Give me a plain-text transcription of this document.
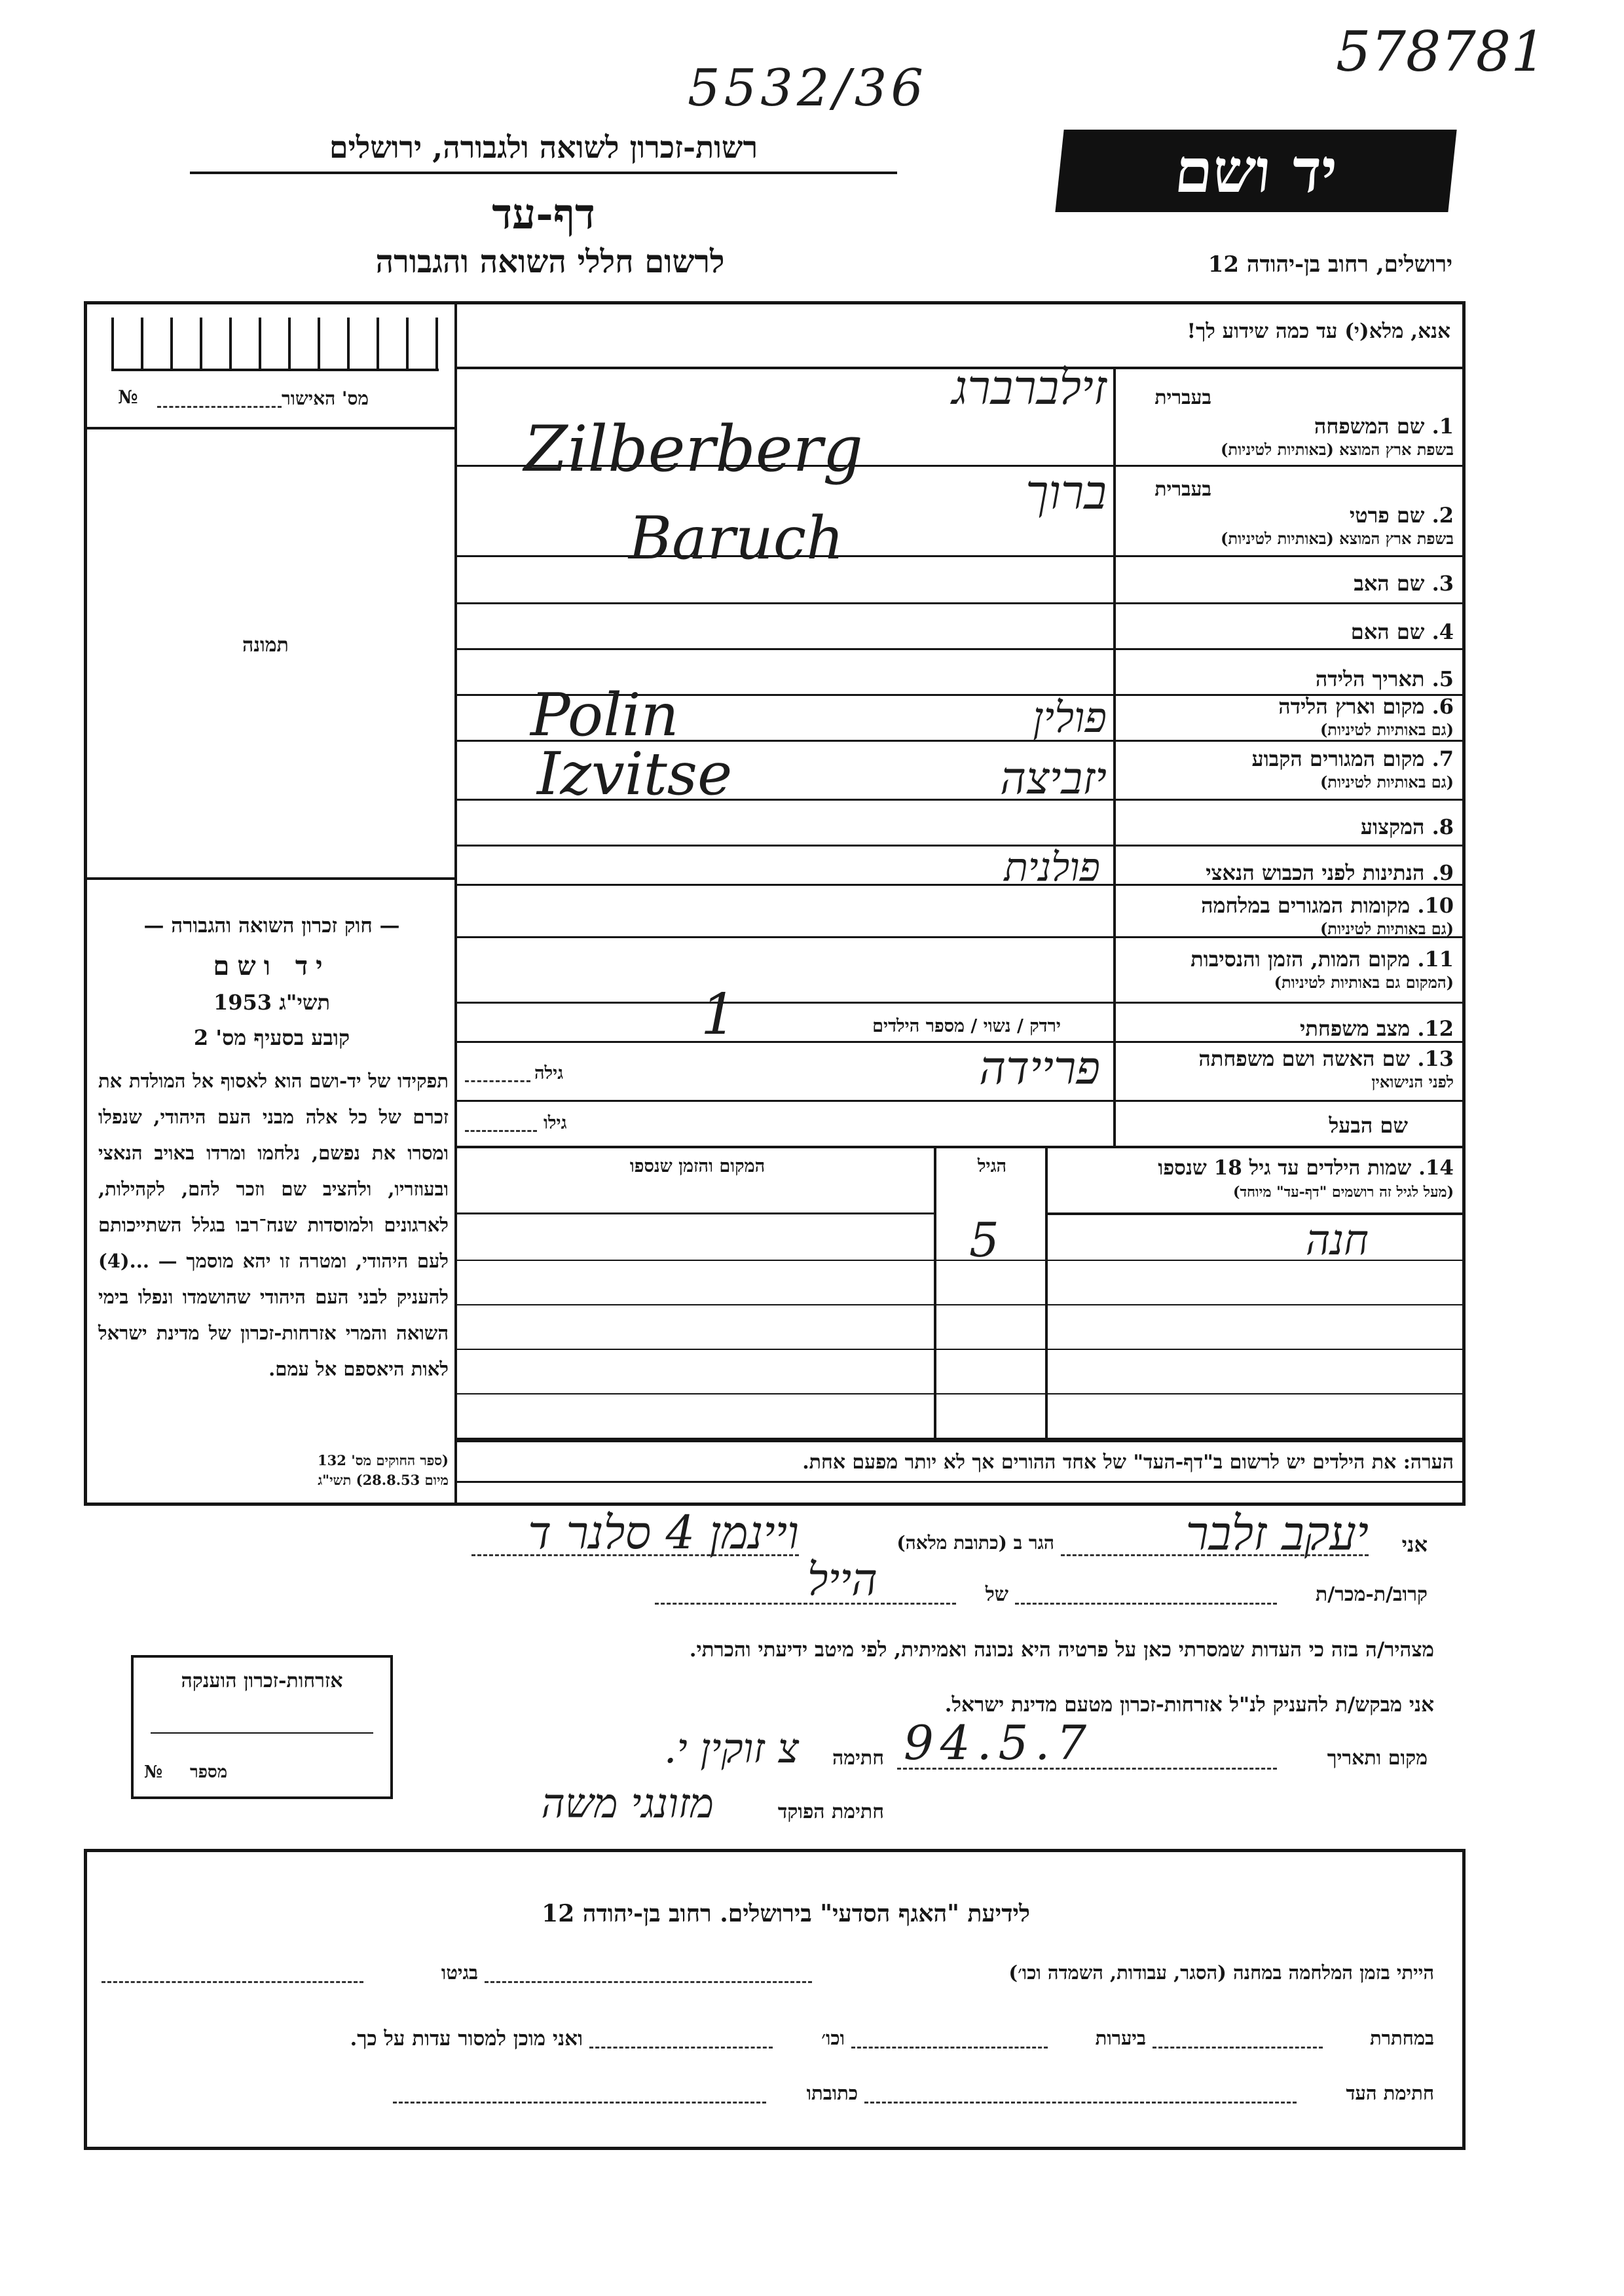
5532/36
578781
רשות-זכרון לשואה ולגבורה, ירושלים
דף-עד
לרשום חללי השואה והגבורה
יד ושם
ירושלים, רחוב בן-יהודה 12
מס' האישור
№
תמונה
— חוק זכרון השואה והגבורה —
יד ושם
תשי"ג 1953
קובע בסעיף מס' 2
תפקידו של יד-ושם הוא לאסוף אל המולדת את זכרם של כל אלה מבני העם היהודי, שנפלו ומסרו את נפשם, נלחמו ומרדו באויב הנאצי ובעוזריו, ולהציב שם וזכר להם, לקהילות, לארגונים ולמוסדות שנח־רבו בגלל השתייכותם לעם היהודי, ומטרה זו יהא מוסמך — ...(4) להעניק לבני העם היהודי שהושמדו ונפלו בימי השואה והמרי אזרחות-זכרון של מדינת ישראל לאות היאספם אל עמם.
(ספר החוקים מס' 132
מיום 28.8.53) תשי"ג
אנא, מלא(י) עד כמה שידוע לך!
בעברית
1. שם המשפחה
בשפת ארץ המוצא (באותיות לטיניות)
בעברית
2. שם פרטי
בשפת ארץ המוצא (באותיות לטיניות)
3. שם האב
4. שם האם
5. תאריך הלידה
6. מקום וארץ הלידה
(גם באותיות לטיניות)
7. מקום המגורים הקבוע
(גם באותיות לטיניות)
8. המקצוע
9. הנתינות לפני הכבוש הנאצי
10. מקומות המגורים במלחמה
(גם באותיות לטיניות)
11. מקום המות, הזמן והנסיבות
(המקום גם באותיות לטיניות)
12. מצב משפחתי
13. שם האשה ושם משפחתה
לפני הנישואין
שם הבעל
זילברברג
Zilberberg
ברוך
Baruch
פולין
Polin
יזביצה
Izvitse
פולנית
ירדק / נשוי / מספר הילדים
1
פריידה
גילה
גילו
14. שמות הילדים עד גיל 18 שנספו
(מעל לגיל זה רושמים "דף-עד" מיוחד)
הגיל
המקום והזמן שנספו
חנה
5
הערה: את הילדים יש לרשום ב"דף-העד" של אחד ההורים אך לא יותר מפעם אחת.
אני
יעקב זלבר
הגר ב (כתובת מלאה)
ויינמן 4 סלנר ד
קרוב/ת-מכר/ת
של
הייל
מצהיר/ה בזה כי העדות שמסרתי כאן על פרטיה היא נכונה ואמיתית, לפי מיטב ידיעתי והכרתי.
אני מבקש/ת להעניק לנ"ל אזרחות-זכרון מטעם מדינת ישראל.
מקום ותאריך
94.5.7
חתימה
צ זוקין י.
חתימת הפוקד
מזונגי משה
אזרחות-זכרון הוענקה
מספר
№
לידיעת "האגף הסדעי" בירושלים. רחוב בן-יהודה 12
הייתי בזמן המלחמה במחנה (הסגר, עבודות, השמדה וכו׳)
בגיטו
במחתרת
ביערות
וכו׳
ואני מוכן למסור עדות על כך.
חתימת העד
כתובתו
